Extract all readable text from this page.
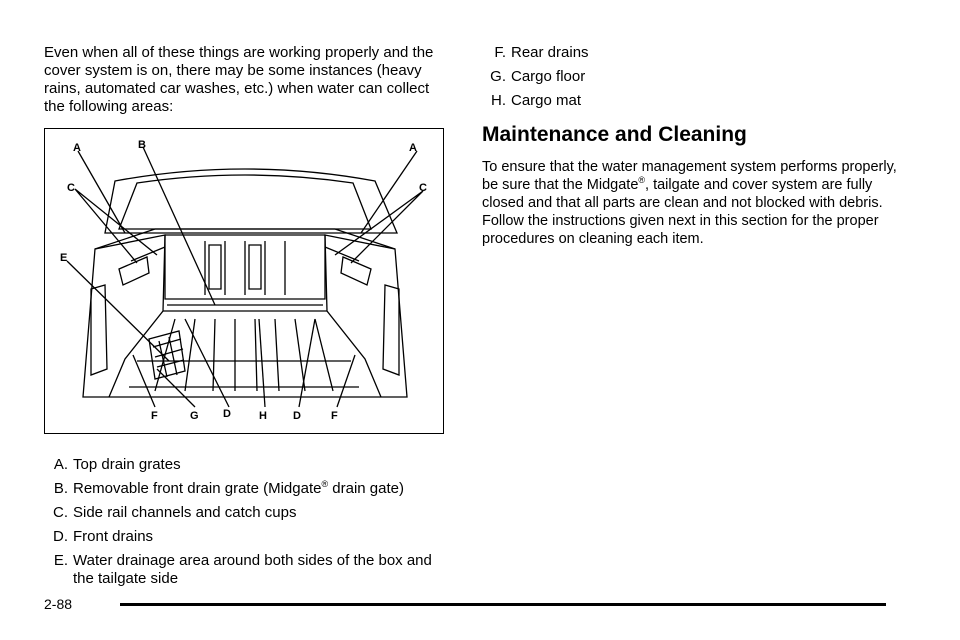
Even when all of these things are working properly and the cover system is on, there may be some instances (heavy rains, automated car washes, etc.) when water can collect the following areas:

A	B	A
C
E
C
F	G D	H D	F
A. Top drain grates
B. Removable front drain grate (Midgate® drain gate)
C. Side rail channels and catch cups
D. Front drains
E. Water drainage area around both sides of the box and the tailgate side
F. Rear drains
G. Cargo floor
H. Cargo mat
Maintenance and Cleaning

To ensure that the water management system performs properly, be sure that the Midgate®, tailgate and cover system are fully closed and that all parts are clean and not blocked with debris. Follow the instructions given next in this section for the proper procedures on cleaning each item.

2-88
